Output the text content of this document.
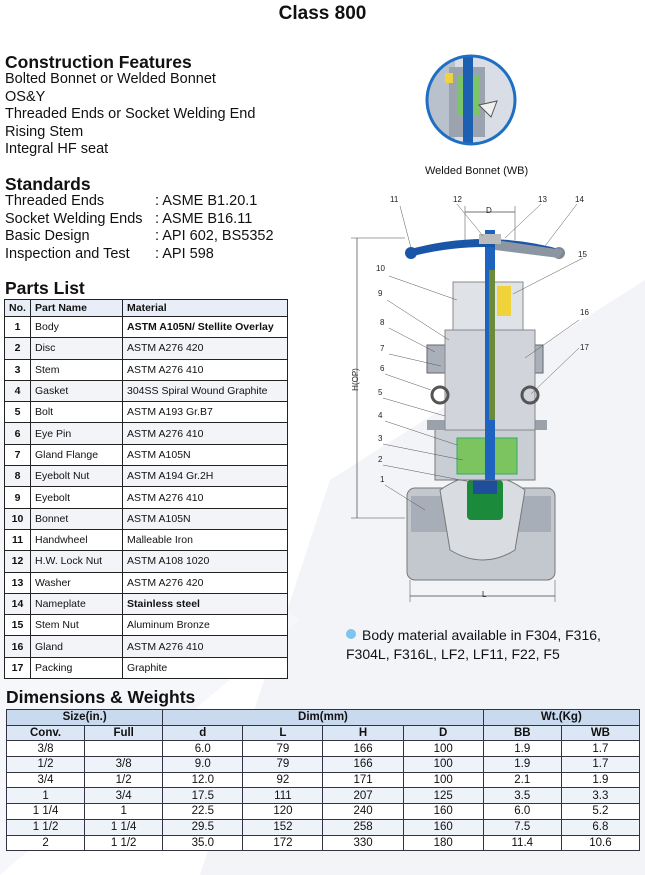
Class 800
Construction Features
Bolted Bonnet or Welded Bonnet
OS&Y
Threaded Ends or Socket Welding End
Rising Stem
Integral HF seat
Standards
Threaded Ends	: ASME B1.20.1
Socket Welding Ends : ASME B16.11
Basic Design	: API 602, BS5352
Inspection and Test	: API 598
Parts List
No.	Part Name	Material
1	Body	ASTM A105N/ Stellite Overlay
2	Disc	ASTM A276 420
3	Stem	ASTM A276 410
4	Gasket	304SS Spiral Wound Graphite
5	Bolt	ASTM A193 Gr.B7
6	Eye Pin	ASTM A276 410
7	Gland Flange	ASTM A105N
8	Eyebolt Nut	ASTM A194 Gr.2H
9	Eyebolt	ASTM A276 410
10	Bonnet	ASTM A105N
11	Handwheel	Malleable Iron
12	H.W. Lock Nut	ASTM A108 1020
13	Washer	ASTM A276 420
14	Nameplate	Stainless steel
15	Stem Nut	Aluminum Bronze
16	Gland	ASTM A276 410
17	Packing	Graphite
Welded Bonnet (WB)
D
H(OP)
L
11	12	13	14
15
10
9
8
16
7	17
6
5
4
3
2
1
Body material available in F304, F316, F304L, F316L, LF2, LF11, F22, F5
Dimensions & Weights
Size(in.)		Dim(mm)				Wt.(Kg)	
Conv.	Full	d	L	H	D	BB	WB
3/8		6.0	79	166	100	1.9	1.7
1/2	3/8	9.0	79	166	100	1.9	1.7
3/4	1/2	12.0	92	171	100	2.1	1.9
1	3/4	17.5	111	207	125	3.5	3.3
1 1/4	1	22.5	120	240	160	6.0	5.2
1 1/2	1 1/4	29.5	152	258	160	7.5	6.8
2	1 1/2	35.0	172	330	180	11.4	10.6
